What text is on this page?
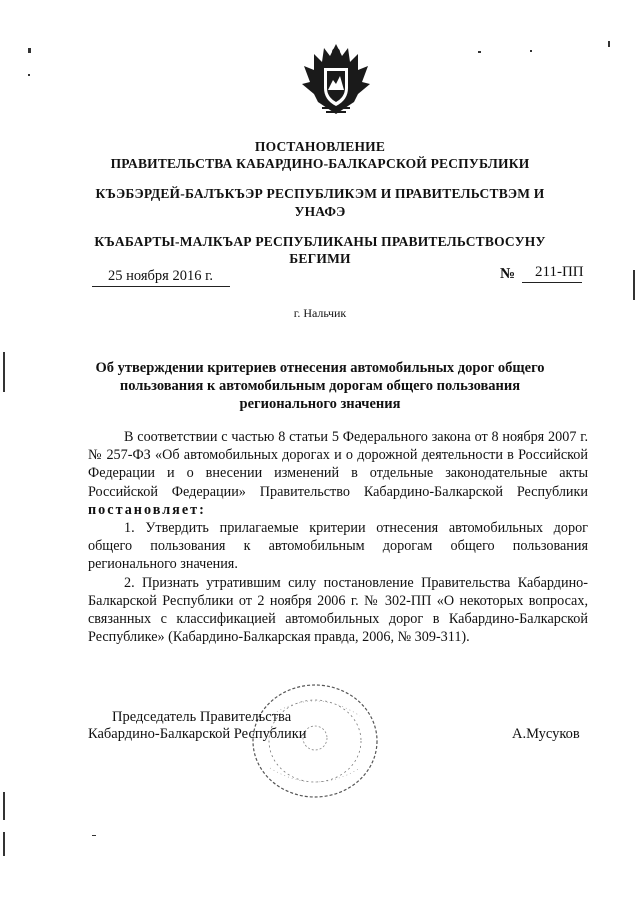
ПОСТАНОВЛЕНИЕ
ПРАВИТЕЛЬСТВА КАБАРДИНО-БАЛКАРСКОЙ РЕСПУБЛИКИ
КЪЭБЭРДЕЙ-БАЛЪКЪЭР РЕСПУБЛИКЭМ И ПРАВИТЕЛЬСТВЭМ И
УНАФЭ
КЪАБАРТЫ-МАЛКЪАР РЕСПУБЛИКАНЫ ПРАВИТЕЛЬСТВОСУНУ
БЕГИМИ
25 ноября 2016 г.	№ 211-ПП
г. Нальчик
Об утверждении критериев отнесения автомобильных дорог общего
пользования к автомобильным дорогам общего пользования
регионального значения

В соответствии с частью 8 статьи 5 Федерального закона от 8 ноября 2007 г. № 257-ФЗ «Об автомобильных дорогах и о дорожной деятельности в Российской Федерации и о внесении изменений в отдельные законодательные акты Российской Федерации» Правительство Кабардино-Балкарской Республики постановляет:

1. Утвердить прилагаемые критерии отнесения автомобильных дорог общего пользования к автомобильным дорогам общего пользования регионального значения.

2. Признать утратившим силу постановление Правительства Кабардино-Балкарской Республики от 2 ноября 2006 г. № 302-ПП «О некоторых вопросах, связанных с классификацией автомобильных дорог в Кабардино-Балкарской Республике» (Кабардино-Балкарская правда, 2006, № 309-311).

Председатель Правительства
Кабардино-Балкарской Республики	А.Мусуков
